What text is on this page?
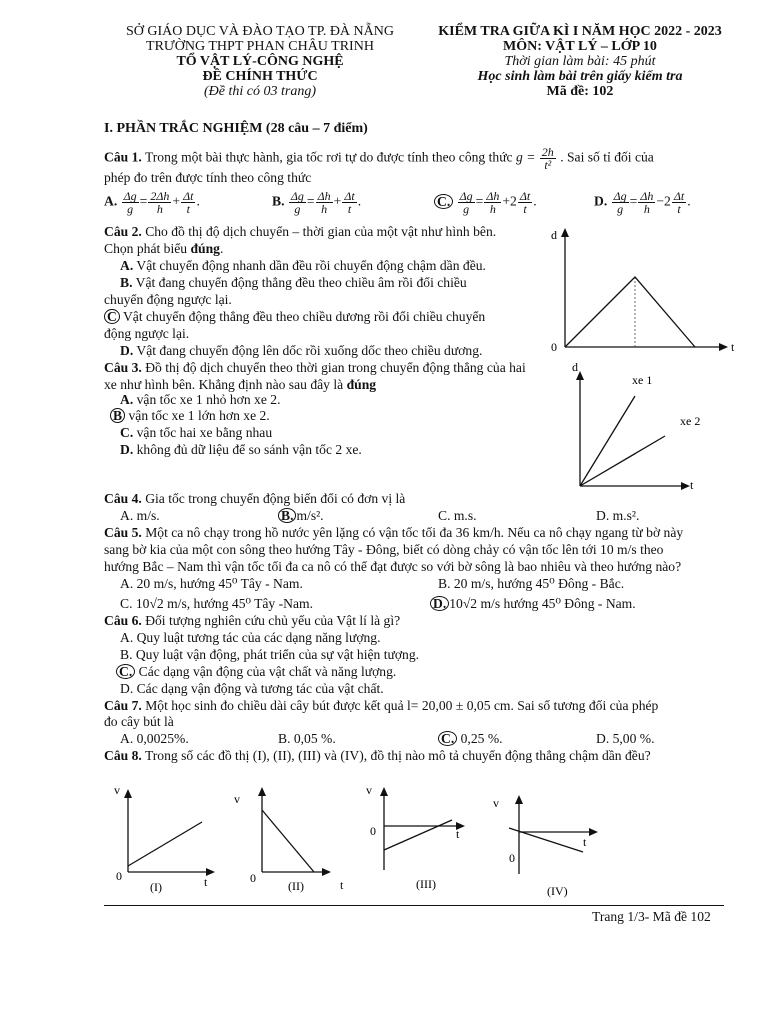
SỞ GIÁO DỤC VÀ ĐÀO TẠO TP. ĐÀ NẴNG
TRƯỜNG THPT PHAN CHÂU TRINH
TỔ VẬT LÝ-CÔNG NGHỆ
ĐỀ CHÍNH THỨC
(Đề thi có 03 trang)
KIỂM TRA GIỮA KÌ I NĂM HỌC 2022 - 2023
MÔN: VẬT LÝ – LỚP 10
Thời gian làm bài: 45 phút
Học sinh làm bài trên giấy kiểm tra
Mã đề: 102
I. PHẦN TRẮC NGHIỆM (28 câu – 7 điểm)
Câu 1. Trong một bài thực hành, gia tốc rơi tự do được tính theo công thức $g = \frac{2h}{\text{t²}}$ . Sai số tỉ đối của
phép đo trên được tính theo công thức
A. $\frac{\Delta g}{g} = \frac{2\Delta h}{h} + \frac{\Delta t}{t}$ .	B. $\frac{\Delta g}{g} = \frac{\Delta h}{h} + \frac{\Delta t}{t}$ .	C. $\frac{\Delta g}{g} = \frac{\Delta h}{h} +2 \frac{\Delta t}{t}$ .	D. $\frac{\Delta g}{g} = \frac{\Delta h}{h} -2 \frac{\Delta t}{t}$ .
Câu 2. Cho đồ thị độ dịch chuyển – thời gian của một vật như hình bên.
Chọn phát biểu đúng.
A. Vật chuyển động nhanh dần đều rồi chuyển động chậm dần đều.
B. Vật đang chuyển động thẳng đều theo chiều âm rồi đổi chiều
chuyển động ngược lại.
C Vật chuyển động thẳng đều theo chiều dương rồi đổi chiều chuyển
động ngược lại.
D. Vật đang chuyển động lên dốc rồi xuống dốc theo chiều dương.
d
t
0
Câu 3. Đồ thị độ dịch chuyển theo thời gian trong chuyển động thẳng của hai
xe như hình bên. Khẳng định nào sau đây là đúng
A. vận tốc xe 1 nhỏ hơn xe 2.
B vận tốc xe 1 lớn hơn xe 2.
C. vận tốc hai xe bằng nhau
D. không đủ dữ liệu để so sánh vận tốc 2 xe.
d
t
xe 1
xe 2
Câu 4. Gia tốc trong chuyển động biến đổi có đơn vị là
A. m/s.	B. m/s².	C. m.s.	D. m.s².
Câu 5. Một ca nô chạy trong hồ nước yên lặng có vận tốc tối đa 36 km/h. Nếu ca nô chạy ngang từ bờ này
sang bờ kia của một con sông theo hướng Tây - Đông, biết có dòng chảy có vận tốc lên tới 10 m/s theo
hướng Bắc – Nam thì vận tốc tối đa ca nô có thể đạt được so với bờ sông là bao nhiêu và theo hướng nào?
A. 20 m/s, hướng 45⁰ Tây - Nam.	B. 20 m/s, hướng 45⁰ Đông - Bắc.
C. 10√2 m/s, hướng 45⁰ Tây -Nam.	D. 10√2 m/s hướng 45⁰ Đông - Nam.
Câu 6. Đối tượng nghiên cứu chủ yếu của Vật lí là gì?
A. Quy luật tương tác của các dạng năng lượng.
B. Quy luật vận động, phát triển của sự vật hiện tượng.
C. Các dạng vận động của vật chất và năng lượng.
D. Các dạng vận động và tương tác của vật chất.
Câu 7. Một học sinh đo chiều dài cây bút được kết quả l= 20,00 ± 0,05 cm. Sai số tương đối của phép
đo cây bút là
A. 0,0025%.	B. 0,05 %.	C. 0,25 %.	D. 5,00 %.
Câu 8. Trong số các đồ thị (I), (II), (III) và (IV), đồ thị nào mô tả chuyển động thẳng chậm dần đều?
v
t
0
(I)
v
t
0
(II)
v
t
0
(III)
v
t
0
(IV)
Trang 1/3- Mã đề 102
